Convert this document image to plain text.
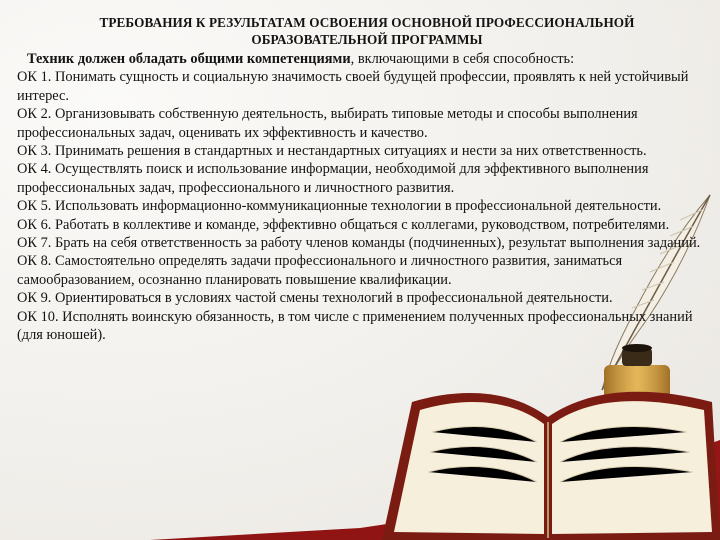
ТРЕБОВАНИЯ К РЕЗУЛЬТАТАМ ОСВОЕНИЯ ОСНОВНОЙ ПРОФЕССИОНАЛЬНОЙ
ОБРАЗОВАТЕЛЬНОЙ ПРОГРАММЫ
Техник должен обладать общими компетенциями, включающими в себя способность:

ОК 1. Понимать сущность и социальную значимость своей будущей профессии, проявлять к ней устойчивый интерес.

ОК 2. Организовывать собственную деятельность, выбирать типовые методы и способы выполнения профессиональных задач, оценивать их эффективность и качество.

ОК 3. Принимать решения в стандартных и нестандартных ситуациях и нести за них ответственность.

ОК 4. Осуществлять поиск и использование информации, необходимой для эффективного выполнения профессиональных задач, профессионального и личностного развития.

ОК 5. Использовать информационно-коммуникационные технологии в профессиональной деятельности.

ОК 6. Работать в коллективе и команде, эффективно общаться с коллегами, руководством, потребителями.

ОК 7. Брать на себя ответственность за работу членов команды (подчиненных), результат выполнения заданий.

ОК 8. Самостоятельно определять задачи профессионального и личностного развития, заниматься самообразованием, осознанно планировать повышение квалификации.

ОК 9. Ориентироваться в условиях частой смены технологий в профессиональной деятельности.

ОК 10. Исполнять воинскую обязанность, в том числе с применением полученных профессиональных знаний (для юношей).
